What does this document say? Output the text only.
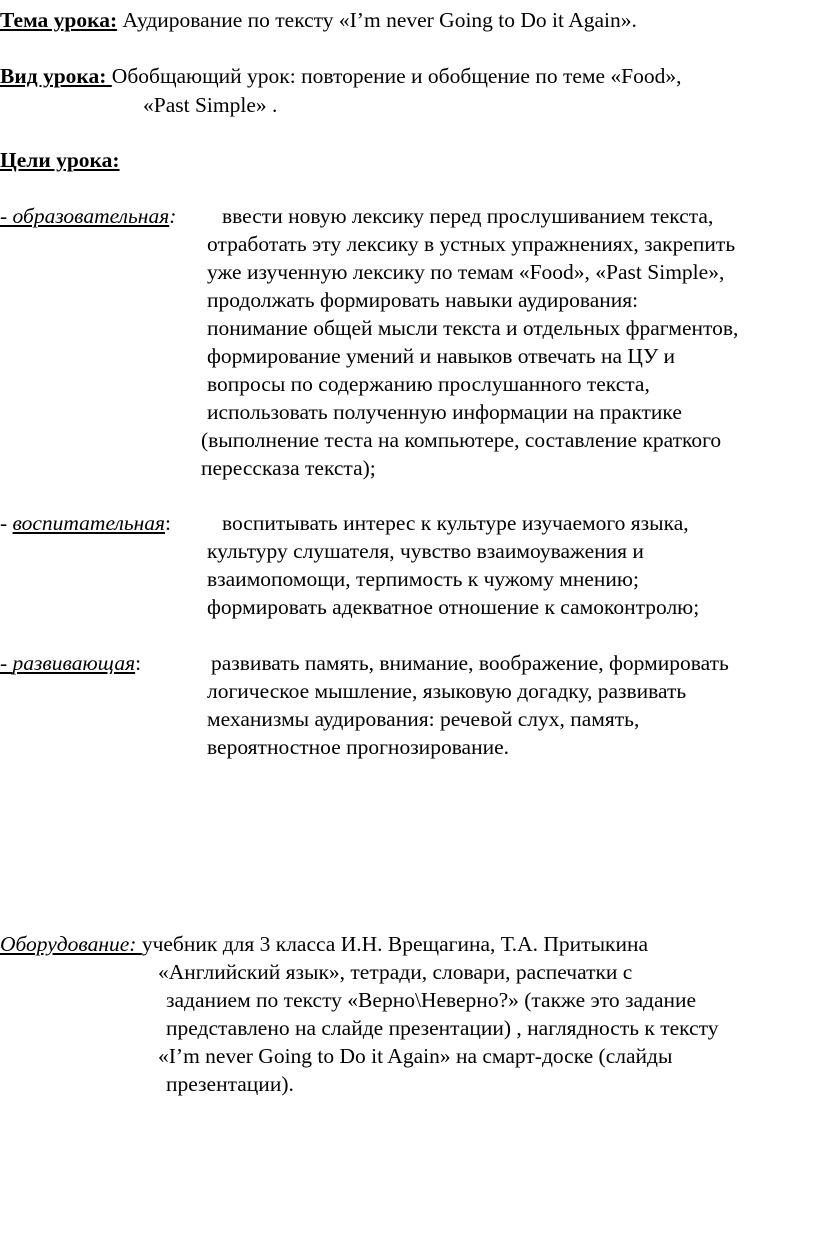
Тема урока: Аудирование по тексту «I’m never Going to Do it Again».
Вид урока: Обобщающий урок: повторение и обобщение по теме «Food»,
«Past Simple» .
Цели урока:
- образовательная: ввести новую лексику перед прослушиванием текста,
отработать эту лексику в устных упражнениях, закрепить
уже изученную лексику по темам «Food», «Past Simple»,
продолжать формировать навыки аудирования:
понимание общей мысли текста и отдельных фрагментов,
формирование умений и навыков отвечать на ЦУ и
вопросы по содержанию прослушанного текста,
использовать полученную информации на практике
(выполнение теста на компьютере, составление краткого
пересcказа текста);
- воспитательная: воспитывать интерес к культуре изучаемого языка,
культуру слушателя, чувство взаимоуважения и
взаимопомощи, терпимость к чужому мнению;
формировать адекватное отношение к самоконтролю;
- развивающая:	развивать память, внимание, воображение, формировать
логическое мышление, языковую догадку, развивать
механизмы аудирования: речевой слух, память,
вероятностное прогнозирование.
Оборудование: учебник для 3 класса И.Н. Врещагина, Т.А. Притыкина
«Английский язык», тетради, словари, распечатки с
заданием по тексту «Верно\Неверно?» (также это задание
представлено на слайде презентации) , наглядность к тексту
«I’m never Going to Do it Again» на смарт-доске (слайды
презентации).
